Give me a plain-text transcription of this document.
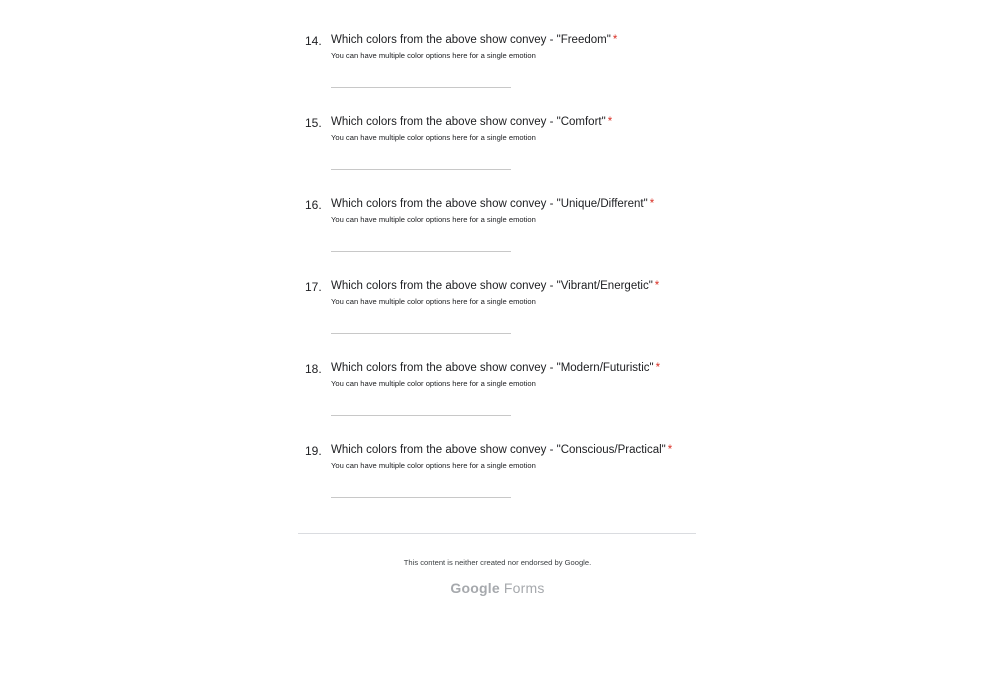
14. Which colors from the above show convey - "Freedom" *
You can have multiple color options here for a single emotion
15. Which colors from the above show convey - "Comfort" *
You can have multiple color options here for a single emotion
16. Which colors from the above show convey - "Unique/Different" *
You can have multiple color options here for a single emotion
17. Which colors from the above show convey - "Vibrant/Energetic" *
You can have multiple color options here for a single emotion
18. Which colors from the above show convey - "Modern/Futuristic" *
You can have multiple color options here for a single emotion
19. Which colors from the above show convey - "Conscious/Practical" *
You can have multiple color options here for a single emotion
This content is neither created nor endorsed by Google.
Google Forms
